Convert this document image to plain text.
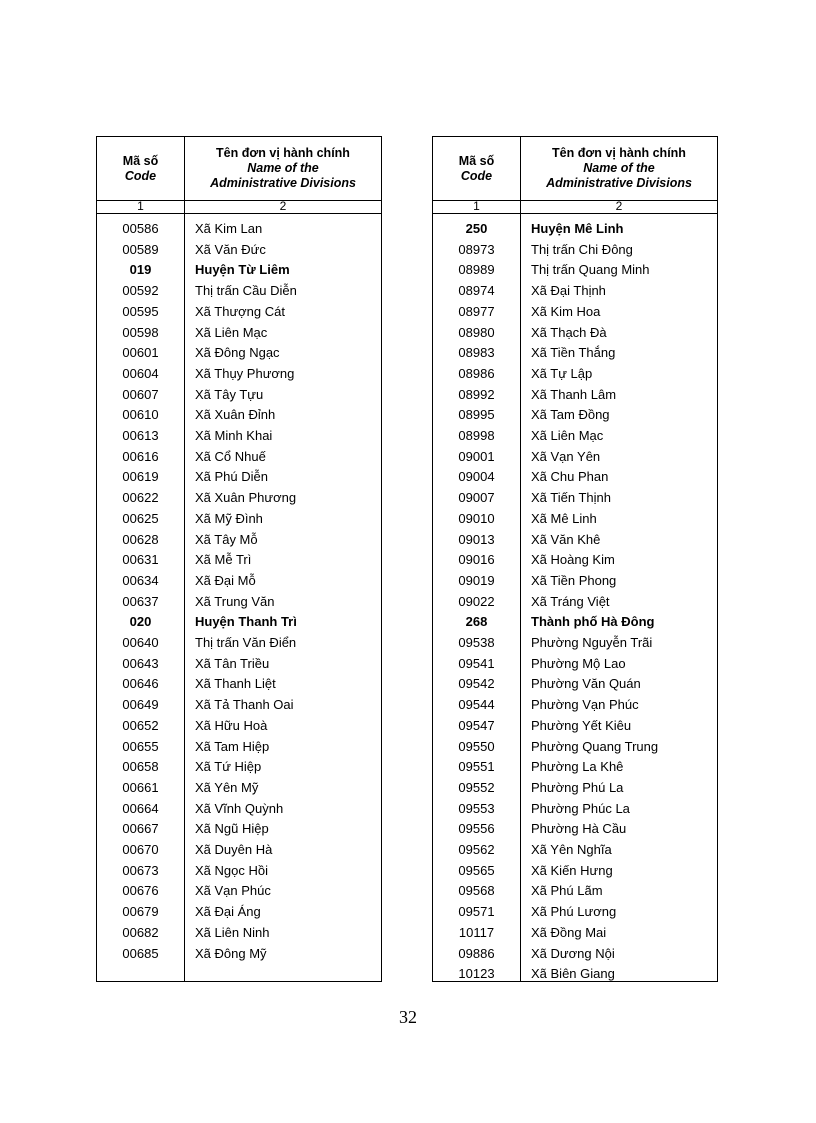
Mã số
Code
Tên đơn vị hành chính
Name of the
Administrative Divisions
1	2
00586	Xã Kim Lan
00589	Xã Văn Đức
019	Huyện Từ Liêm
00592	Thị trấn Cầu Diễn
00595	Xã Thượng Cát
00598	Xã Liên Mạc
00601	Xã Đông Ngạc
00604	Xã Thụy Phương
00607	Xã Tây Tựu
00610	Xã Xuân Đỉnh
00613	Xã Minh Khai
00616	Xã Cổ Nhuế
00619	Xã Phú Diễn
00622	Xã Xuân Phương
00625	Xã Mỹ Đình
00628	Xã Tây Mỗ
00631	Xã Mễ Trì
00634	Xã Đại Mỗ
00637	Xã Trung Văn
020	Huyện Thanh Trì
00640	Thị trấn Văn Điển
00643	Xã Tân Triều
00646	Xã Thanh Liệt
00649	Xã Tả Thanh Oai
00652	Xã Hữu Hoà
00655	Xã Tam Hiệp
00658	Xã Tứ Hiệp
00661	Xã Yên Mỹ
00664	Xã Vĩnh Quỳnh
00667	Xã Ngũ Hiệp
00670	Xã Duyên Hà
00673	Xã Ngọc Hồi
00676	Xã Vạn Phúc
00679	Xã Đại Áng
00682	Xã Liên Ninh
00685	Xã Đông Mỹ
Mã số
Code
Tên đơn vị hành chính
Name of the
Administrative Divisions
1	2
250	Huyện Mê Linh
08973	Thị trấn Chi Đông
08989	Thị trấn Quang Minh
08974	Xã Đại Thịnh
08977	Xã Kim Hoa
08980	Xã Thạch Đà
08983	Xã Tiền Thắng
08986	Xã Tự Lập
08992	Xã Thanh Lâm
08995	Xã Tam Đồng
08998	Xã Liên Mạc
09001	Xã Vạn Yên
09004	Xã Chu Phan
09007	Xã Tiến Thịnh
09010	Xã Mê Linh
09013	Xã Văn Khê
09016	Xã Hoàng Kim
09019	Xã Tiền Phong
09022	Xã Tráng Việt
268	Thành phố Hà Đông
09538	Phường Nguyễn Trãi
09541	Phường Mộ Lao
09542	Phường Văn Quán
09544	Phường Vạn Phúc
09547	Phường Yết Kiêu
09550	Phường Quang Trung
09551	Phường La Khê
09552	Phường Phú La
09553	Phường Phúc La
09556	Phường Hà Cầu
09562	Xã Yên Nghĩa
09565	Xã Kiến Hưng
09568	Xã Phú Lãm
09571	Xã Phú Lương
10117	Xã Đồng Mai
09886	Xã Dương Nội
10123	Xã Biên Giang
32
